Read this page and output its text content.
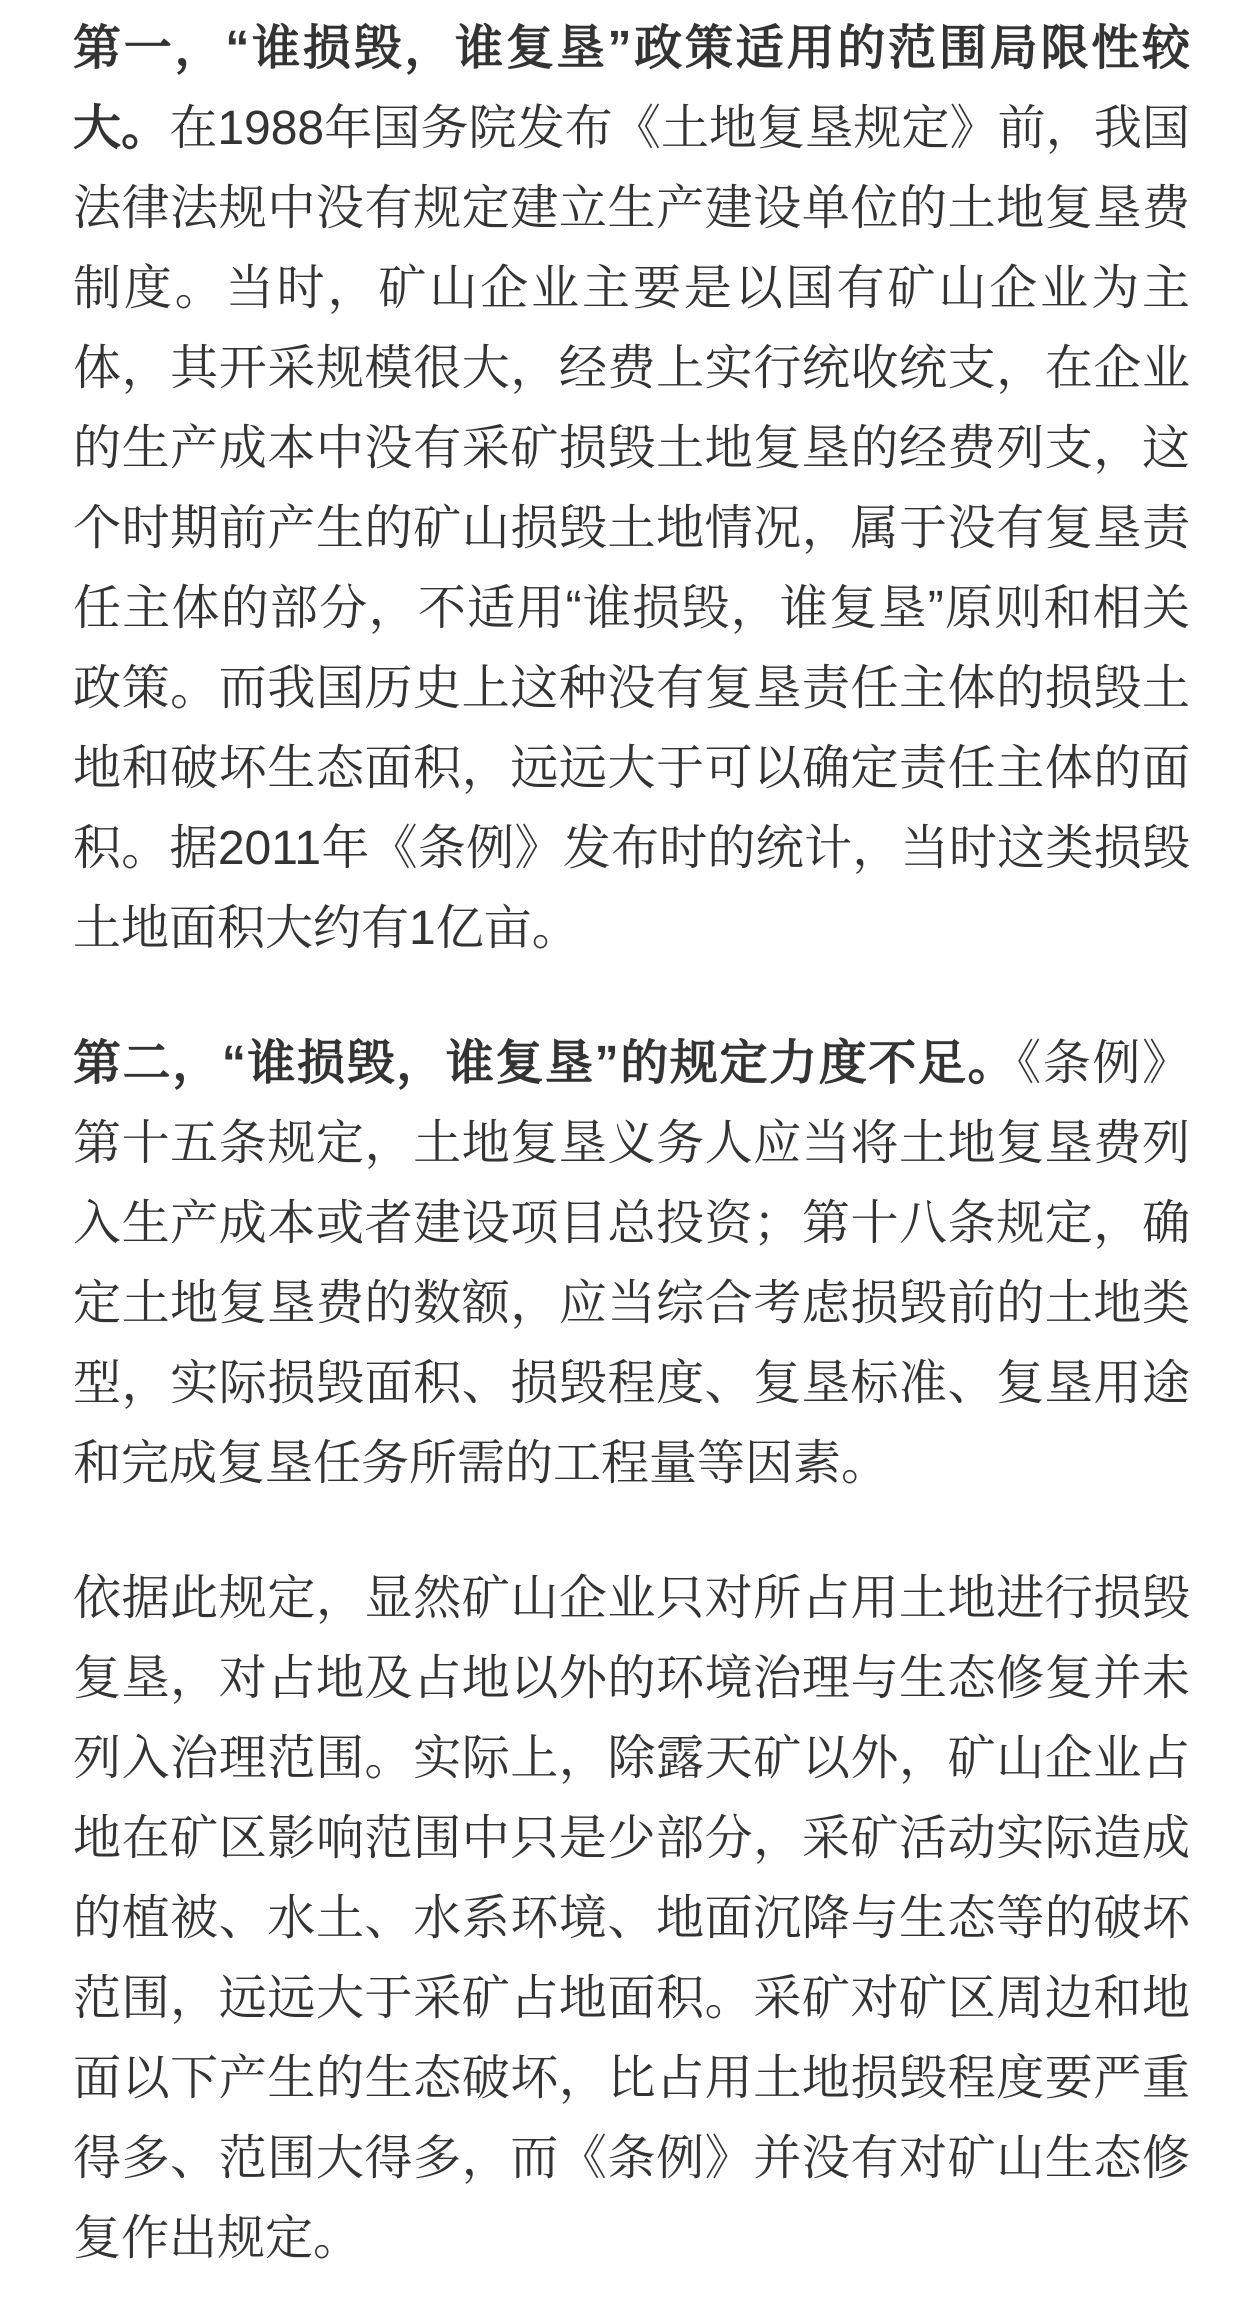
第一，“谁损毁，谁复垦”政策适用的范围局限性较大。在1988年国务院发布《土地复垦规定》前，我国法律法规中没有规定建立生产建设单位的土地复垦费制度。当时，矿山企业主要是以国有矿山企业为主体，其开采规模很大，经费上实行统收统支，在企业的生产成本中没有采矿损毁土地复垦的经费列支，这个时期前产生的矿山损毁土地情况，属于没有复垦责任主体的部分，不适用“谁损毁，谁复垦”原则和相关政策。而我国历史上这种没有复垦责任主体的损毁土地和破坏生态面积，远远大于可以确定责任主体的面积。据2011年《条例》发布时的统计，当时这类损毁土地面积大约有1亿亩。

第二，“谁损毁，谁复垦”的规定力度不足。《条例》第十五条规定，土地复垦义务人应当将土地复垦费列入生产成本或者建设项目总投资；第十八条规定，确定土地复垦费的数额，应当综合考虑损毁前的土地类型，实际损毁面积、损毁程度、复垦标准、复垦用途和完成复垦任务所需的工程量等因素。

依据此规定，显然矿山企业只对所占用土地进行损毁复垦，对占地及占地以外的环境治理与生态修复并未列入治理范围。实际上，除露天矿以外，矿山企业占地在矿区影响范围中只是少部分，采矿活动实际造成的植被、水土、水系环境、地面沉降与生态等的破坏范围，远远大于采矿占地面积。采矿对矿区周边和地面以下产生的生态破坏，比占用土地损毁程度要严重得多、范围大得多，而《条例》并没有对矿山生态修复作出规定。
